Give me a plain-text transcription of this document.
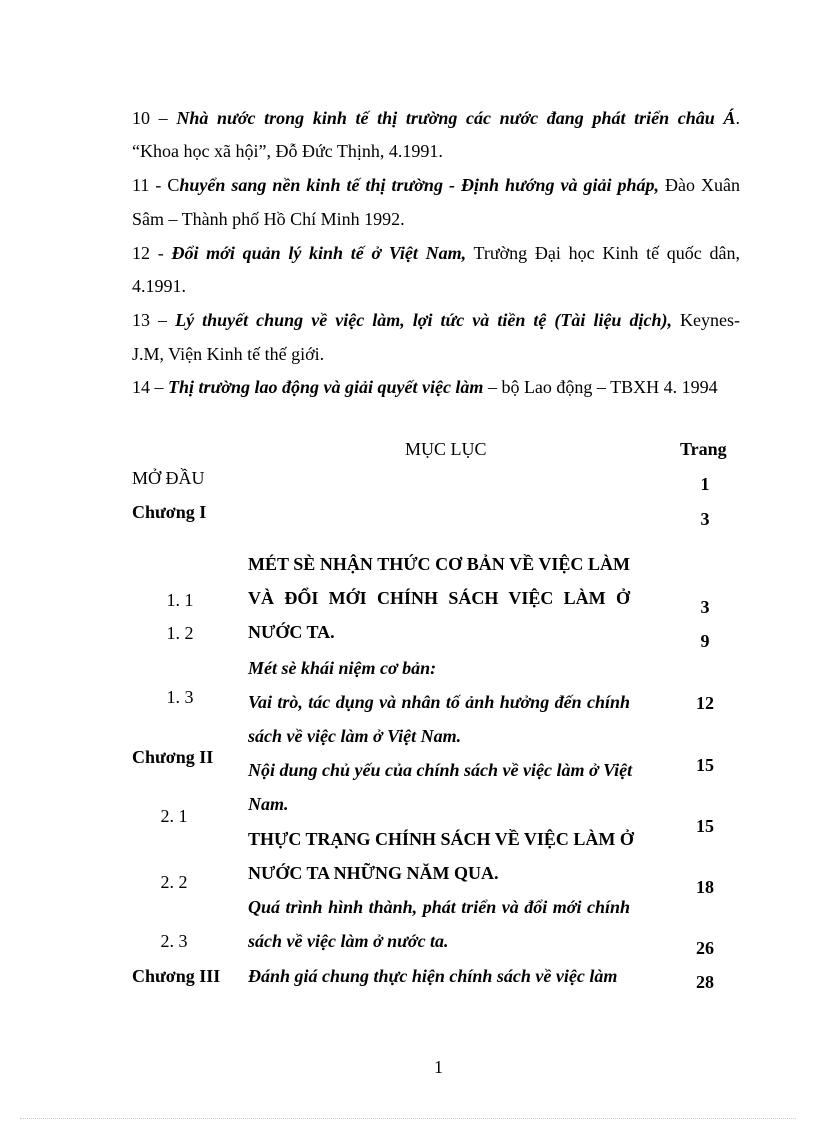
10 – Nhà nước trong kinh tế thị trường các nước đang phát triển châu Á.
“Khoa học xã hội”, Đỗ Đức Thịnh, 4.1991.
11 - Chuyển sang nền kinh tế thị trường - Định hướng và giải pháp, Đào Xuân
Sâm – Thành phố Hồ Chí Minh 1992.
12 - Đổi mới quản lý kinh tế ở Việt Nam, Trường Đại học Kinh tế quốc dân,
4.1991.
13 – Lý thuyết chung về việc làm, lợi tức và tiền tệ (Tài liệu dịch), Keynes-
J.M, Viện Kinh tế thế giới.
14 – Thị trường lao động và giải quyết việc làm – bộ Lao động – TBXH 4. 1994
MỤC LỤC	Trang
MỞ ĐẦU
Chương I
Chương II
Chương III
1. 1
1. 2
1. 3
2. 1
2. 2
2. 3
MÉT SÈ NHẬN THỨC CƠ BẢN VỀ VIỆC LÀM
VÀ ĐỔI MỚI CHÍNH SÁCH VIỆC LÀM Ở
NƯỚC TA.
Mét sè khái niệm cơ bản:
Vai trò, tác dụng và nhân tố ảnh hưởng đến chính
sách về việc làm ở Việt Nam.
Nội dung chủ yếu của chính sách về việc làm ở Việt
Nam.
THỰC TRẠNG CHÍNH SÁCH VỀ VIỆC LÀM Ở
NƯỚC TA NHỮNG NĂM QUA.
Quá trình hình thành, phát triển và đổi mới chính
sách về việc làm ở nước ta.
Đánh giá chung thực hiện chính sách về việc làm
1
3
3
9
12
15
15
18
26
28
1
